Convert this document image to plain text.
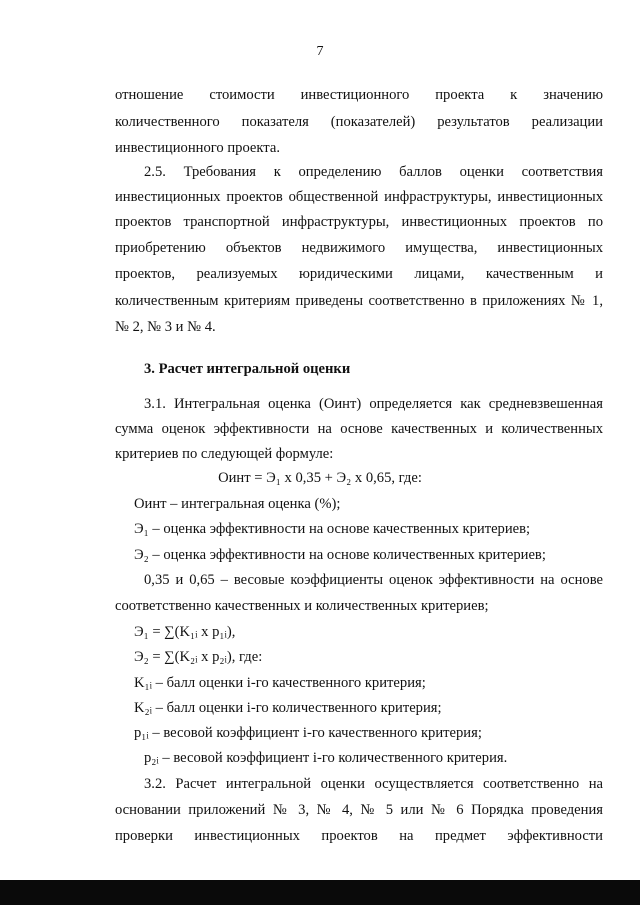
7
отношение стоимости инвестиционного проекта к значению
количественного показателя (показателей) результатов реализации
инвестиционного проекта.
2.5. Требования к определению баллов оценки соответствия
инвестиционных проектов общественной инфраструктуры, инвестиционных
проектов транспортной инфраструктуры, инвестиционных проектов по
приобретению объектов недвижимого имущества, инвестиционных
проектов, реализуемых юридическими лицами, качественным и
количественным критериям приведены соответственно в приложениях № 1,
№ 2, № 3 и № 4.
3. Расчет интегральной оценки
3.1. Интегральная оценка (Оинт) определяется как средневзвешенная
сумма оценок эффективности на основе качественных и количественных
критериев по следующей формуле:
Оинт = Э₁ x 0,35 + Э₂ x 0,65, где:
Оинт – интегральная оценка (%);
Э₁ – оценка эффективности на основе качественных критериев;
Э₂ – оценка эффективности на основе количественных критериев;
0,35 и 0,65 – весовые коэффициенты оценок эффективности на основе
соответственно качественных и количественных критериев;
Э₁ = ∑(K₁ᵢ x p₁ᵢ),
Э₂ = ∑(K₂ᵢ x p₂ᵢ), где:
K₁ᵢ – балл оценки i-го качественного критерия;
K₂ᵢ – балл оценки i-го количественного критерия;
p₁ᵢ – весовой коэффициент i-го качественного критерия;
p₂ᵢ – весовой коэффициент i-го количественного критерия.
3.2. Расчет интегральной оценки осуществляется соответственно на
основании приложений № 3, № 4, № 5 или № 6 Порядка проведения
проверки инвестиционных проектов на предмет эффективности
